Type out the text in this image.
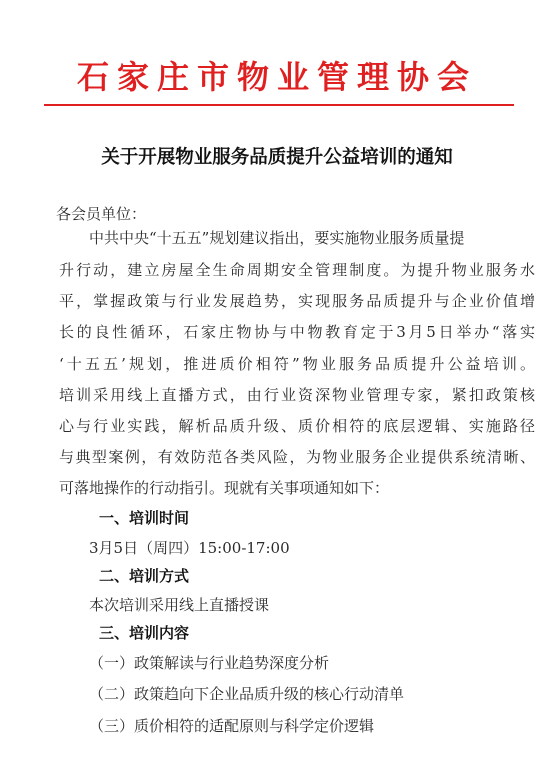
石家庄市物业管理协会
关于开展物业服务品质提升公益培训的通知
各会员单位：
中共中央“十五五”规划建议指出，要实施物业服务质量提
升行动，建立房屋全生命周期安全管理制度。为提升物业服务水
平，掌握政策与行业发展趋势，实现服务品质提升与企业价值增
长的良性循环，石家庄物协与中物教育定于3月5日举办“落实
‘十五五’规划，推进质价相符”物业服务品质提升公益培训。
培训采用线上直播方式，由行业资深物业管理专家，紧扣政策核
心与行业实践，解析品质升级、质价相符的底层逻辑、实施路径
与典型案例，有效防范各类风险，为物业服务企业提供系统清晰、
可落地操作的行动指引。现就有关事项通知如下：
一、培训时间
3月5日（周四）15:00-17:00
二、培训方式
本次培训采用线上直播授课
三、培训内容
（一）政策解读与行业趋势深度分析
（二）政策趋向下企业品质升级的核心行动清单
（三）质价相符的适配原则与科学定价逻辑
